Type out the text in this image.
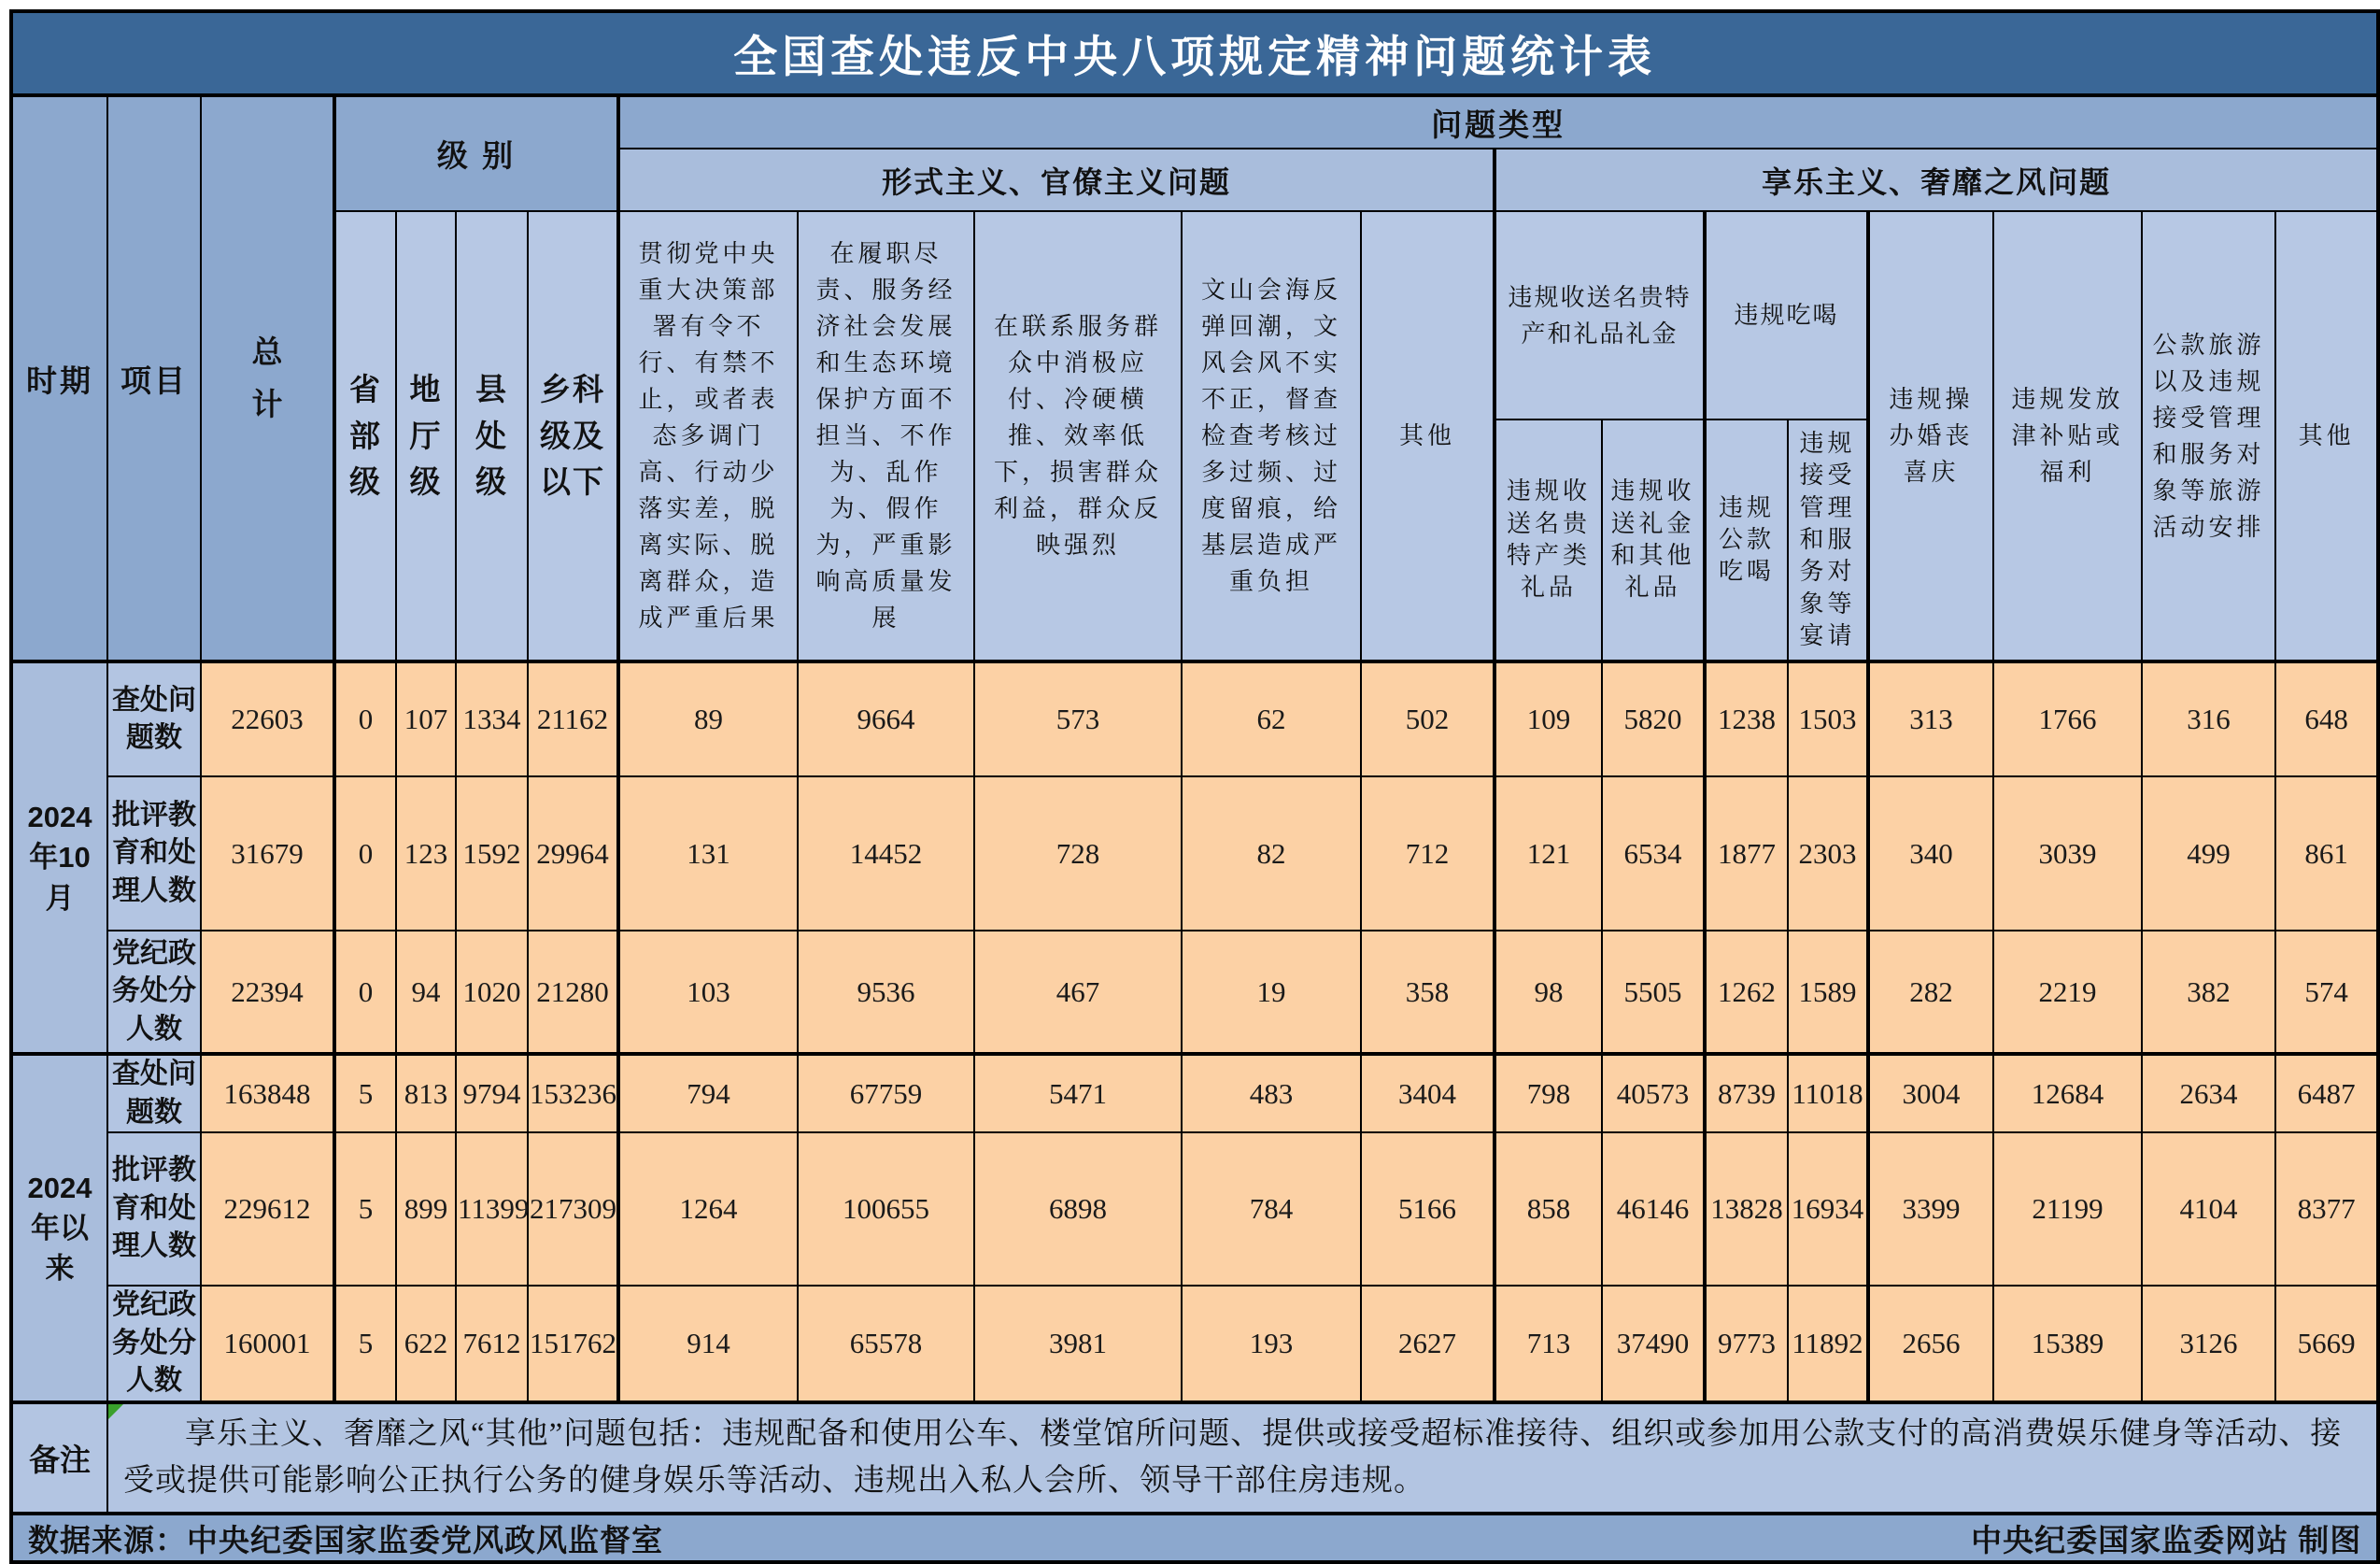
全国查处违反中央八项规定精神问题统计表																			
时期	项目	总计	级 别				问题类型												
							形式主义、官僚主义问题					享乐主义、奢靡之风问题							
			省部级	地厅级	县处级	乡科级及以下	贯彻党中央重大决策部署有令不行、有禁不止，或者表态多调门高、行动少落实差，脱离实际、脱离群众，造成严重后果	在履职尽责、服务经济社会发展和生态环境保护方面不担当、不作为、乱作为、假作为，严重影响高质量发展	在联系服务群众中消极应付、冷硬横推、效率低下，损害群众利益，群众反映强烈	文山会海反弹回潮，文风会风不实不正，督查检查考核过多过频、过度留痕，给基层造成严重负担	其他	违规收送名贵特产和礼品礼金		违规吃喝		违规操办婚丧喜庆	违规发放津补贴或福利	公款旅游以及违规接受管理和服务对象等旅游活动安排	其他
												违规收送名贵特产类礼品	违规收送礼金和其他礼品	违规公款吃喝	违规接受管理和服务对象等宴请				
2024年10月	查处问题数	22603	0	107	1334	21162	89	9664	573	62	502	109	5820	1238	1503	313	1766	316	648
	批评教育和处理人数	31679	0	123	1592	29964	131	14452	728	82	712	121	6534	1877	2303	340	3039	499	861
	党纪政务处分人数	22394	0	94	1020	21280	103	9536	467	19	358	98	5505	1262	1589	282	2219	382	574
2024年以来	查处问题数	163848	5	813	9794	153236	794	67759	5471	483	3404	798	40573	8739	11018	3004	12684	2634	6487
	批评教育和处理人数	229612	5	899	11399	217309	1264	100655	6898	784	5166	858	46146	13828	16934	3399	21199	4104	8377
	党纪政务处分人数	160001	5	622	7612	151762	914	65578	3981	193	2627	713	37490	9773	11892	2656	15389	3126	5669
备注	享乐主义、奢靡之风“其他”问题包括：违规配备和使用公车、楼堂馆所问题、提供或接受超标准接待、组织或参加用公款支付的高消费娱乐健身等活动、接受或提供可能影响公正执行公务的健身娱乐等活动、违规出入私人会所、领导干部住房违规。																		

数据来源：中央纪委国家监委党风政风监督室 中央纪委国家监委网站 制图																			
